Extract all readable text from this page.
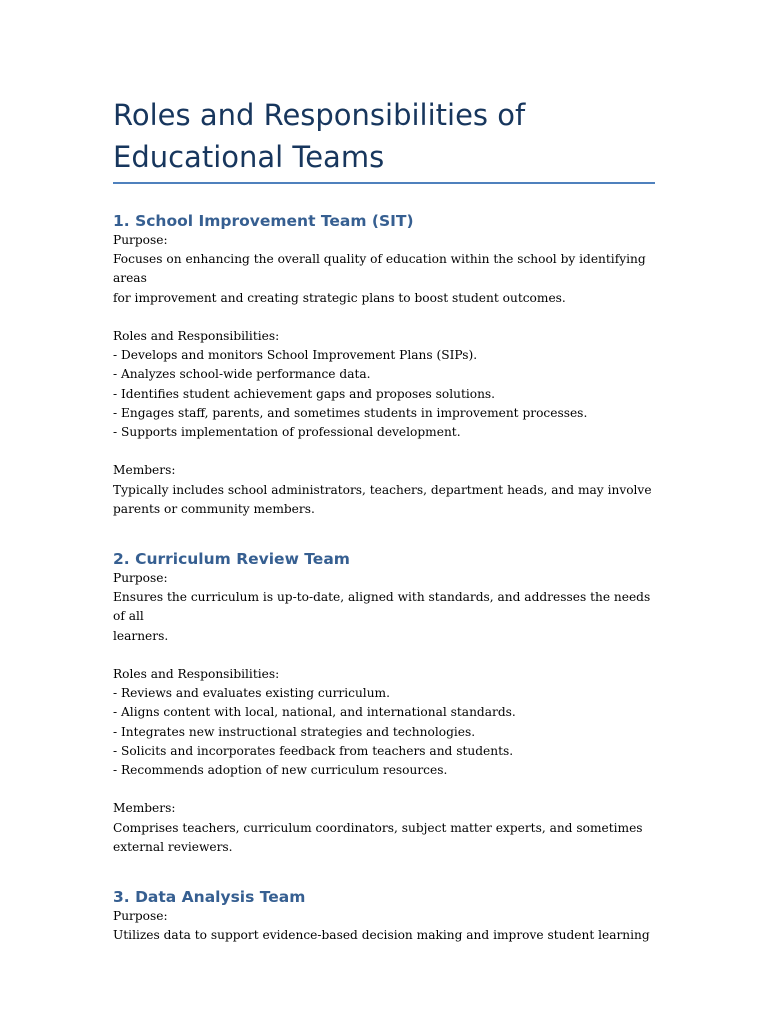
Roles and Responsibilities of
Educational Teams
1. School Improvement Team (SIT)

Purpose:

Focuses on enhancing the overall quality of education within the school by identifying areas

for improvement and creating strategic plans to boost student outcomes.

Roles and Responsibilities:

- Develops and monitors School Improvement Plans (SIPs).
- Analyzes school-wide performance data.
- Identifies student achievement gaps and proposes solutions.
- Engages staff, parents, and sometimes students in improvement processes.
- Supports implementation of professional development.

Members:

Typically includes school administrators, teachers, department heads, and may involve

parents or community members.

2. Curriculum Review Team

Purpose:

Ensures the curriculum is up-to-date, aligned with standards, and addresses the needs of all

learners.

Roles and Responsibilities:

- Reviews and evaluates existing curriculum.
- Aligns content with local, national, and international standards.
- Integrates new instructional strategies and technologies.
- Solicits and incorporates feedback from teachers and students.
- Recommends adoption of new curriculum resources.

Members:

Comprises teachers, curriculum coordinators, subject matter experts, and sometimes

external reviewers.

3. Data Analysis Team

Purpose:

Utilizes data to support evidence-based decision making and improve student learning
